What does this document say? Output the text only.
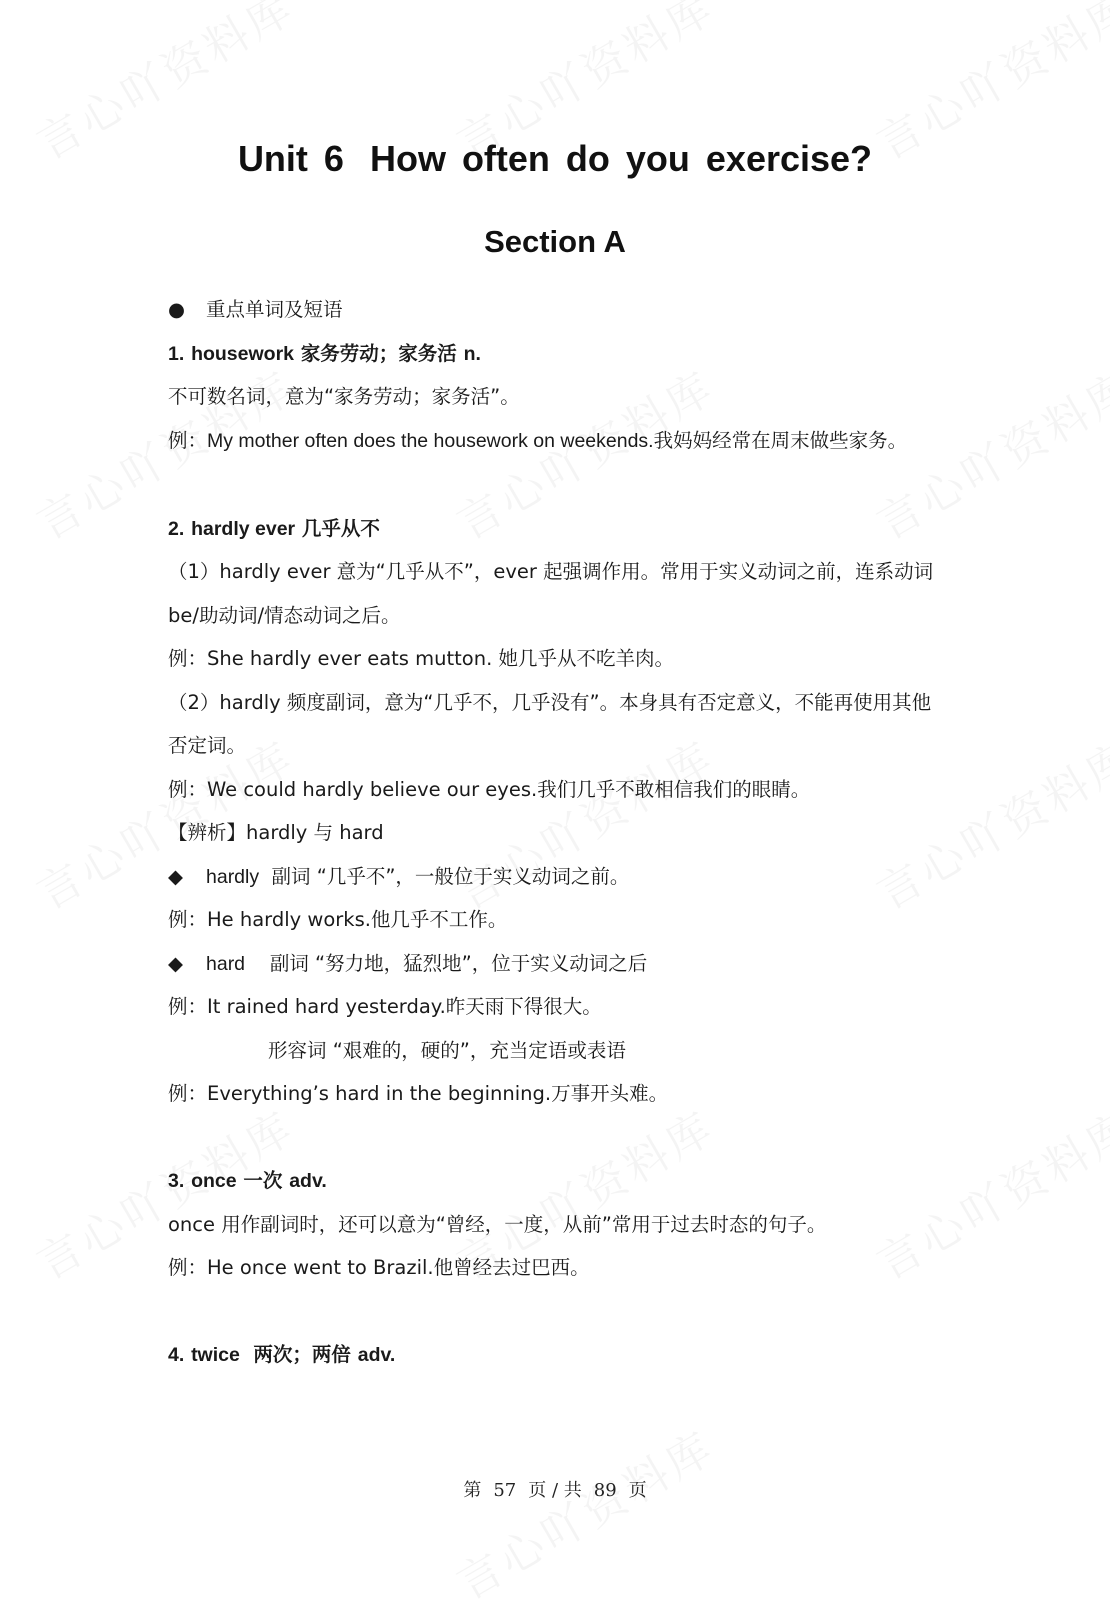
Unit 6 How often do you exercise?
Section A
● 重点单词及短语
1. housework 家务劳动；家务活 n.
不可数名词，意为“家务劳动；家务活”。
例：My mother often does the housework on weekends.我妈妈经常在周末做些家务。
2. hardly ever 几乎从不
（1）hardly ever 意为“几乎从不”，ever 起强调作用。常用于实义动词之前，连系动词 be/助动词/情态动词之后。
例：She hardly ever eats mutton. 她几乎从不吃羊肉。
（2）hardly 频度副词，意为“几乎不，几乎没有”。本身具有否定意义，不能再使用其他否定词。
例：We could hardly believe our eyes.我们几乎不敢相信我们的眼睛。
【辨析】hardly 与 hard
◆ hardly 副词 “几乎不”，一般位于实义动词之前。
例：He hardly works.他几乎不工作。
◆ hard 副词 “努力地，猛烈地”，位于实义动词之后
例：It rained hard yesterday.昨天雨下得很大。
形容词 “艰难的，硬的”，充当定语或表语
例：Everything’s hard in the beginning.万事开头难。
3. once 一次 adv.
once 用作副词时，还可以意为“曾经，一度，从前”常用于过去时态的句子。
例：He once went to Brazil.他曾经去过巴西。
4. twice 两次；两倍 adv.
第 57 页 / 共 89 页
